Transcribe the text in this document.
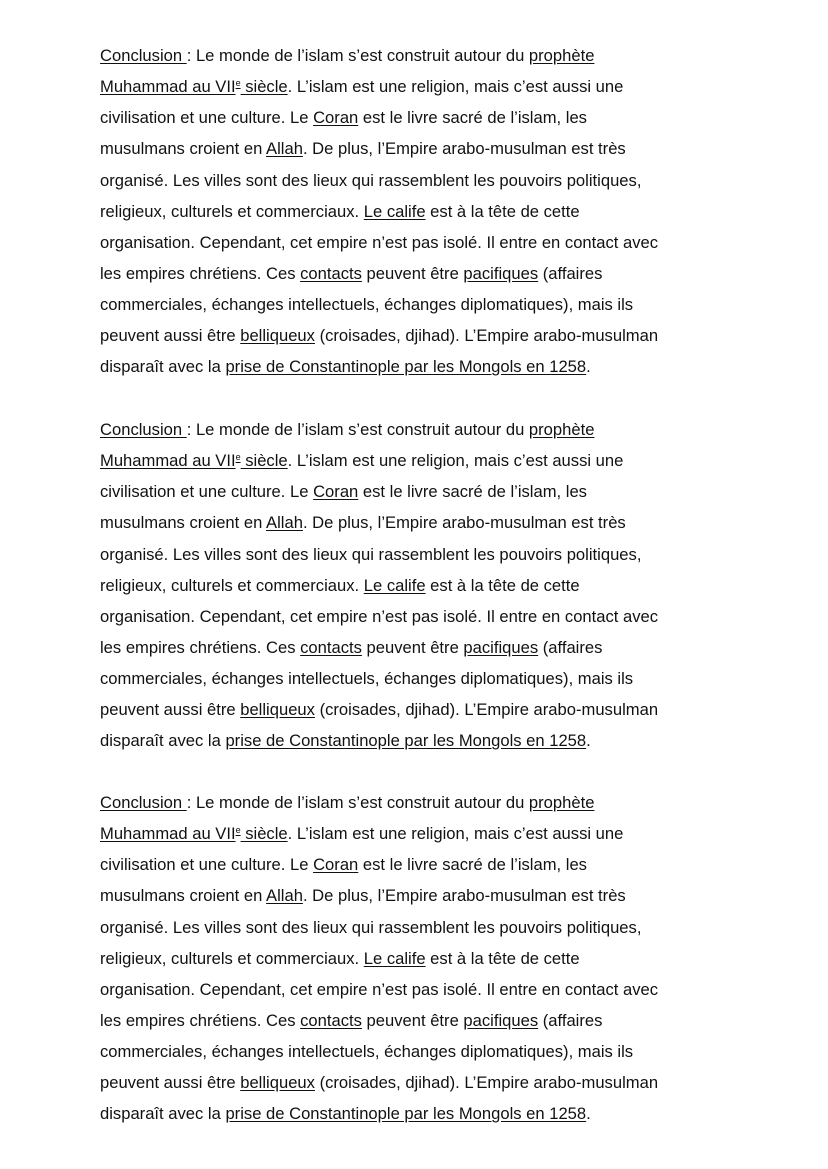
Conclusion : Le monde de l’islam s’est construit autour du prophète
Muhammad au VIIe siècle. L’islam est une religion, mais c’est aussi une
civilisation et une culture. Le Coran est le livre sacré de l’islam, les
musulmans croient en Allah. De plus, l’Empire arabo-musulman est très
organisé. Les villes sont des lieux qui rassemblent les pouvoirs politiques,
religieux, culturels et commerciaux. Le calife est à la tête de cette
organisation. Cependant, cet empire n’est pas isolé. Il entre en contact avec
les empires chrétiens. Ces contacts peuvent être pacifiques (affaires
commerciales, échanges intellectuels, échanges diplomatiques), mais ils
peuvent aussi être belliqueux (croisades, djihad). L’Empire arabo-musulman
disparaît avec la prise de Constantinople par les Mongols en 1258.
Conclusion : Le monde de l’islam s’est construit autour du prophète
Muhammad au VIIe siècle. L’islam est une religion, mais c’est aussi une
civilisation et une culture. Le Coran est le livre sacré de l’islam, les
musulmans croient en Allah. De plus, l’Empire arabo-musulman est très
organisé. Les villes sont des lieux qui rassemblent les pouvoirs politiques,
religieux, culturels et commerciaux. Le calife est à la tête de cette
organisation. Cependant, cet empire n’est pas isolé. Il entre en contact avec
les empires chrétiens. Ces contacts peuvent être pacifiques (affaires
commerciales, échanges intellectuels, échanges diplomatiques), mais ils
peuvent aussi être belliqueux (croisades, djihad). L’Empire arabo-musulman
disparaît avec la prise de Constantinople par les Mongols en 1258.
Conclusion : Le monde de l’islam s’est construit autour du prophète
Muhammad au VIIe siècle. L’islam est une religion, mais c’est aussi une
civilisation et une culture. Le Coran est le livre sacré de l’islam, les
musulmans croient en Allah. De plus, l’Empire arabo-musulman est très
organisé. Les villes sont des lieux qui rassemblent les pouvoirs politiques,
religieux, culturels et commerciaux. Le calife est à la tête de cette
organisation. Cependant, cet empire n’est pas isolé. Il entre en contact avec
les empires chrétiens. Ces contacts peuvent être pacifiques (affaires
commerciales, échanges intellectuels, échanges diplomatiques), mais ils
peuvent aussi être belliqueux (croisades, djihad). L’Empire arabo-musulman
disparaît avec la prise de Constantinople par les Mongols en 1258.
